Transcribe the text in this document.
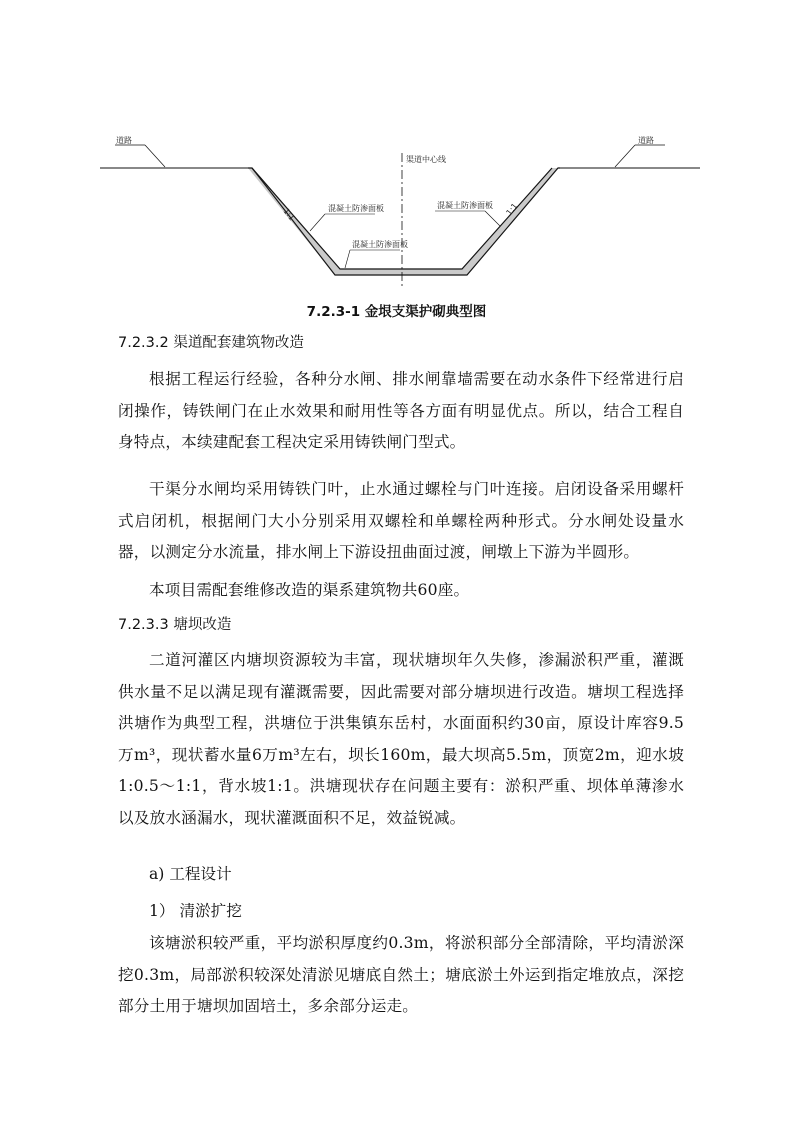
道路	道路
渠道中心线
1:1	1:1
混凝土防渗面板	混凝土防渗面板
混凝土防渗面板
7.2.3-1 金垠支渠护砌典型图
7.2.3.2 渠道配套建筑物改造

根据工程运行经验，各种分水闸、排水闸靠墙需要在动水条件下经常进行启闭操作，铸铁闸门在止水效果和耐用性等各方面有明显优点。所以，结合工程自身特点，本续建配套工程决定采用铸铁闸门型式。

干渠分水闸均采用铸铁门叶，止水通过螺栓与门叶连接。启闭设备采用螺杆式启闭机，根据闸门大小分别采用双螺栓和单螺栓两种形式。分水闸处设量水器，以测定分水流量，排水闸上下游设扭曲面过渡，闸墩上下游为半圆形。

本项目需配套维修改造的渠系建筑物共60座。

7.2.3.3 塘坝改造

二道河灌区内塘坝资源较为丰富，现状塘坝年久失修，渗漏淤积严重，灌溉供水量不足以满足现有灌溉需要，因此需要对部分塘坝进行改造。塘坝工程选择洪塘作为典型工程，洪塘位于洪集镇东岳村，水面面积约30亩，原设计库容9.5万m³，现状蓄水量6万m³左右，坝长160m，最大坝高5.5m，顶宽2m，迎水坡1:0.5～1:1，背水坡1:1。洪塘现状存在问题主要有：淤积严重、坝体单薄渗水以及放水涵漏水，现状灌溉面积不足，效益锐减。

a) 工程设计
1） 清淤扩挖

该塘淤积较严重，平均淤积厚度约0.3m，将淤积部分全部清除，平均清淤深挖0.3m，局部淤积较深处清淤见塘底自然土；塘底淤土外运到指定堆放点，深挖部分土用于塘坝加固培土，多余部分运走。
